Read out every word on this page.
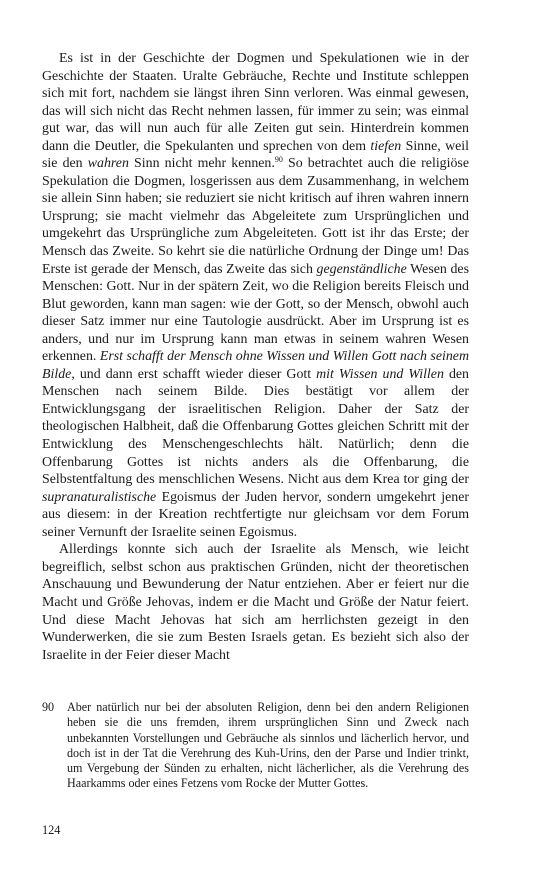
Es ist in der Geschichte der Dogmen und Spekulationen wie in der Geschichte der Staaten. Uralte Gebräuche, Rechte und Institute schleppen sich mit fort, nachdem sie längst ihren Sinn verloren. Was einmal gewesen, das will sich nicht das Recht nehmen lassen, für immer zu sein; was einmal gut war, das will nun auch für alle Zeiten gut sein. Hinterdrein kommen dann die Deutler, die Spekulanten und sprechen von dem tiefen Sinne, weil sie den wahren Sinn nicht mehr kennen.$^{90}$ So betrachtet auch die religiöse Spekulation die Dogmen, losgerissen aus dem Zusammenhang, in welchem sie allein Sinn haben; sie reduziert sie nicht kritisch auf ihren wahren innern Ursprung; sie macht vielmehr das Abgeleitete zum Ursprünglichen und umgekehrt das Ursprüngliche zum Abgeleiteten. Gott ist ihr das Erste; der Mensch das Zweite. So kehrt sie die natürliche Ordnung der Dinge um! Das Erste ist gerade der Mensch, das Zweite das sich gegenständliche Wesen des Menschen: Gott. Nur in der spätern Zeit, wo die Religion bereits Fleisch und Blut geworden, kann man sagen: wie der Gott, so der Mensch, obwohl auch dieser Satz immer nur eine Tautologie ausdrückt. Aber im Ursprung ist es anders, und nur im Ursprung kann man etwas in seinem wahren Wesen erkennen. Erst schafft der Mensch ohne Wissen und Willen Gott nach seinem Bilde, und dann erst schafft wieder dieser Gott mit Wissen und Willen den Menschen nach seinem Bilde. Dies bestätigt vor allem der Entwicklungsgang der israelitischen Religion. Daher der Satz der theologischen Halbheit, daß die Offenbarung Gottes gleichen Schritt mit der Entwicklung des Menschengeschlechts hält. Natürlich; denn die Offenbarung Gottes ist nichts anders als die Offenbarung, die Selbstentfaltung des menschlichen Wesens. Nicht aus dem Krea tor ging der supranaturalistische Egoismus der Juden hervor, sondern umgekehrt jener aus diesem: in der Kreation rechtfertigte nur gleichsam vor dem Forum seiner Vernunft der Israelite seinen Egoismus.

Allerdings konnte sich auch der Israelite als Mensch, wie leicht begreiflich, selbst schon aus praktischen Gründen, nicht der theoretischen Anschauung und Bewunderung der Natur entziehen. Aber er feiert nur die Macht und Größe Jehovas, indem er die Macht und Größe der Natur feiert. Und diese Macht Jehovas hat sich am herrlichsten gezeigt in den Wunderwerken, die sie zum Besten Israels getan. Es bezieht sich also der Israelite in der Feier dieser Macht

90 Aber natürlich nur bei der absoluten Religion, denn bei den andern Religionen heben sie die uns fremden, ihrem ursprünglichen Sinn und Zweck nach unbekannten Vorstellungen und Gebräuche als sinnlos und lächerlich hervor, und doch ist in der Tat die Verehrung des Kuh-Urins, den der Parse und Indier trinkt, um Vergebung der Sünden zu erhalten, nicht lächerlicher, als die Verehrung des Haarkamms oder eines Fetzens vom Rocke der Mutter Gottes.
124
